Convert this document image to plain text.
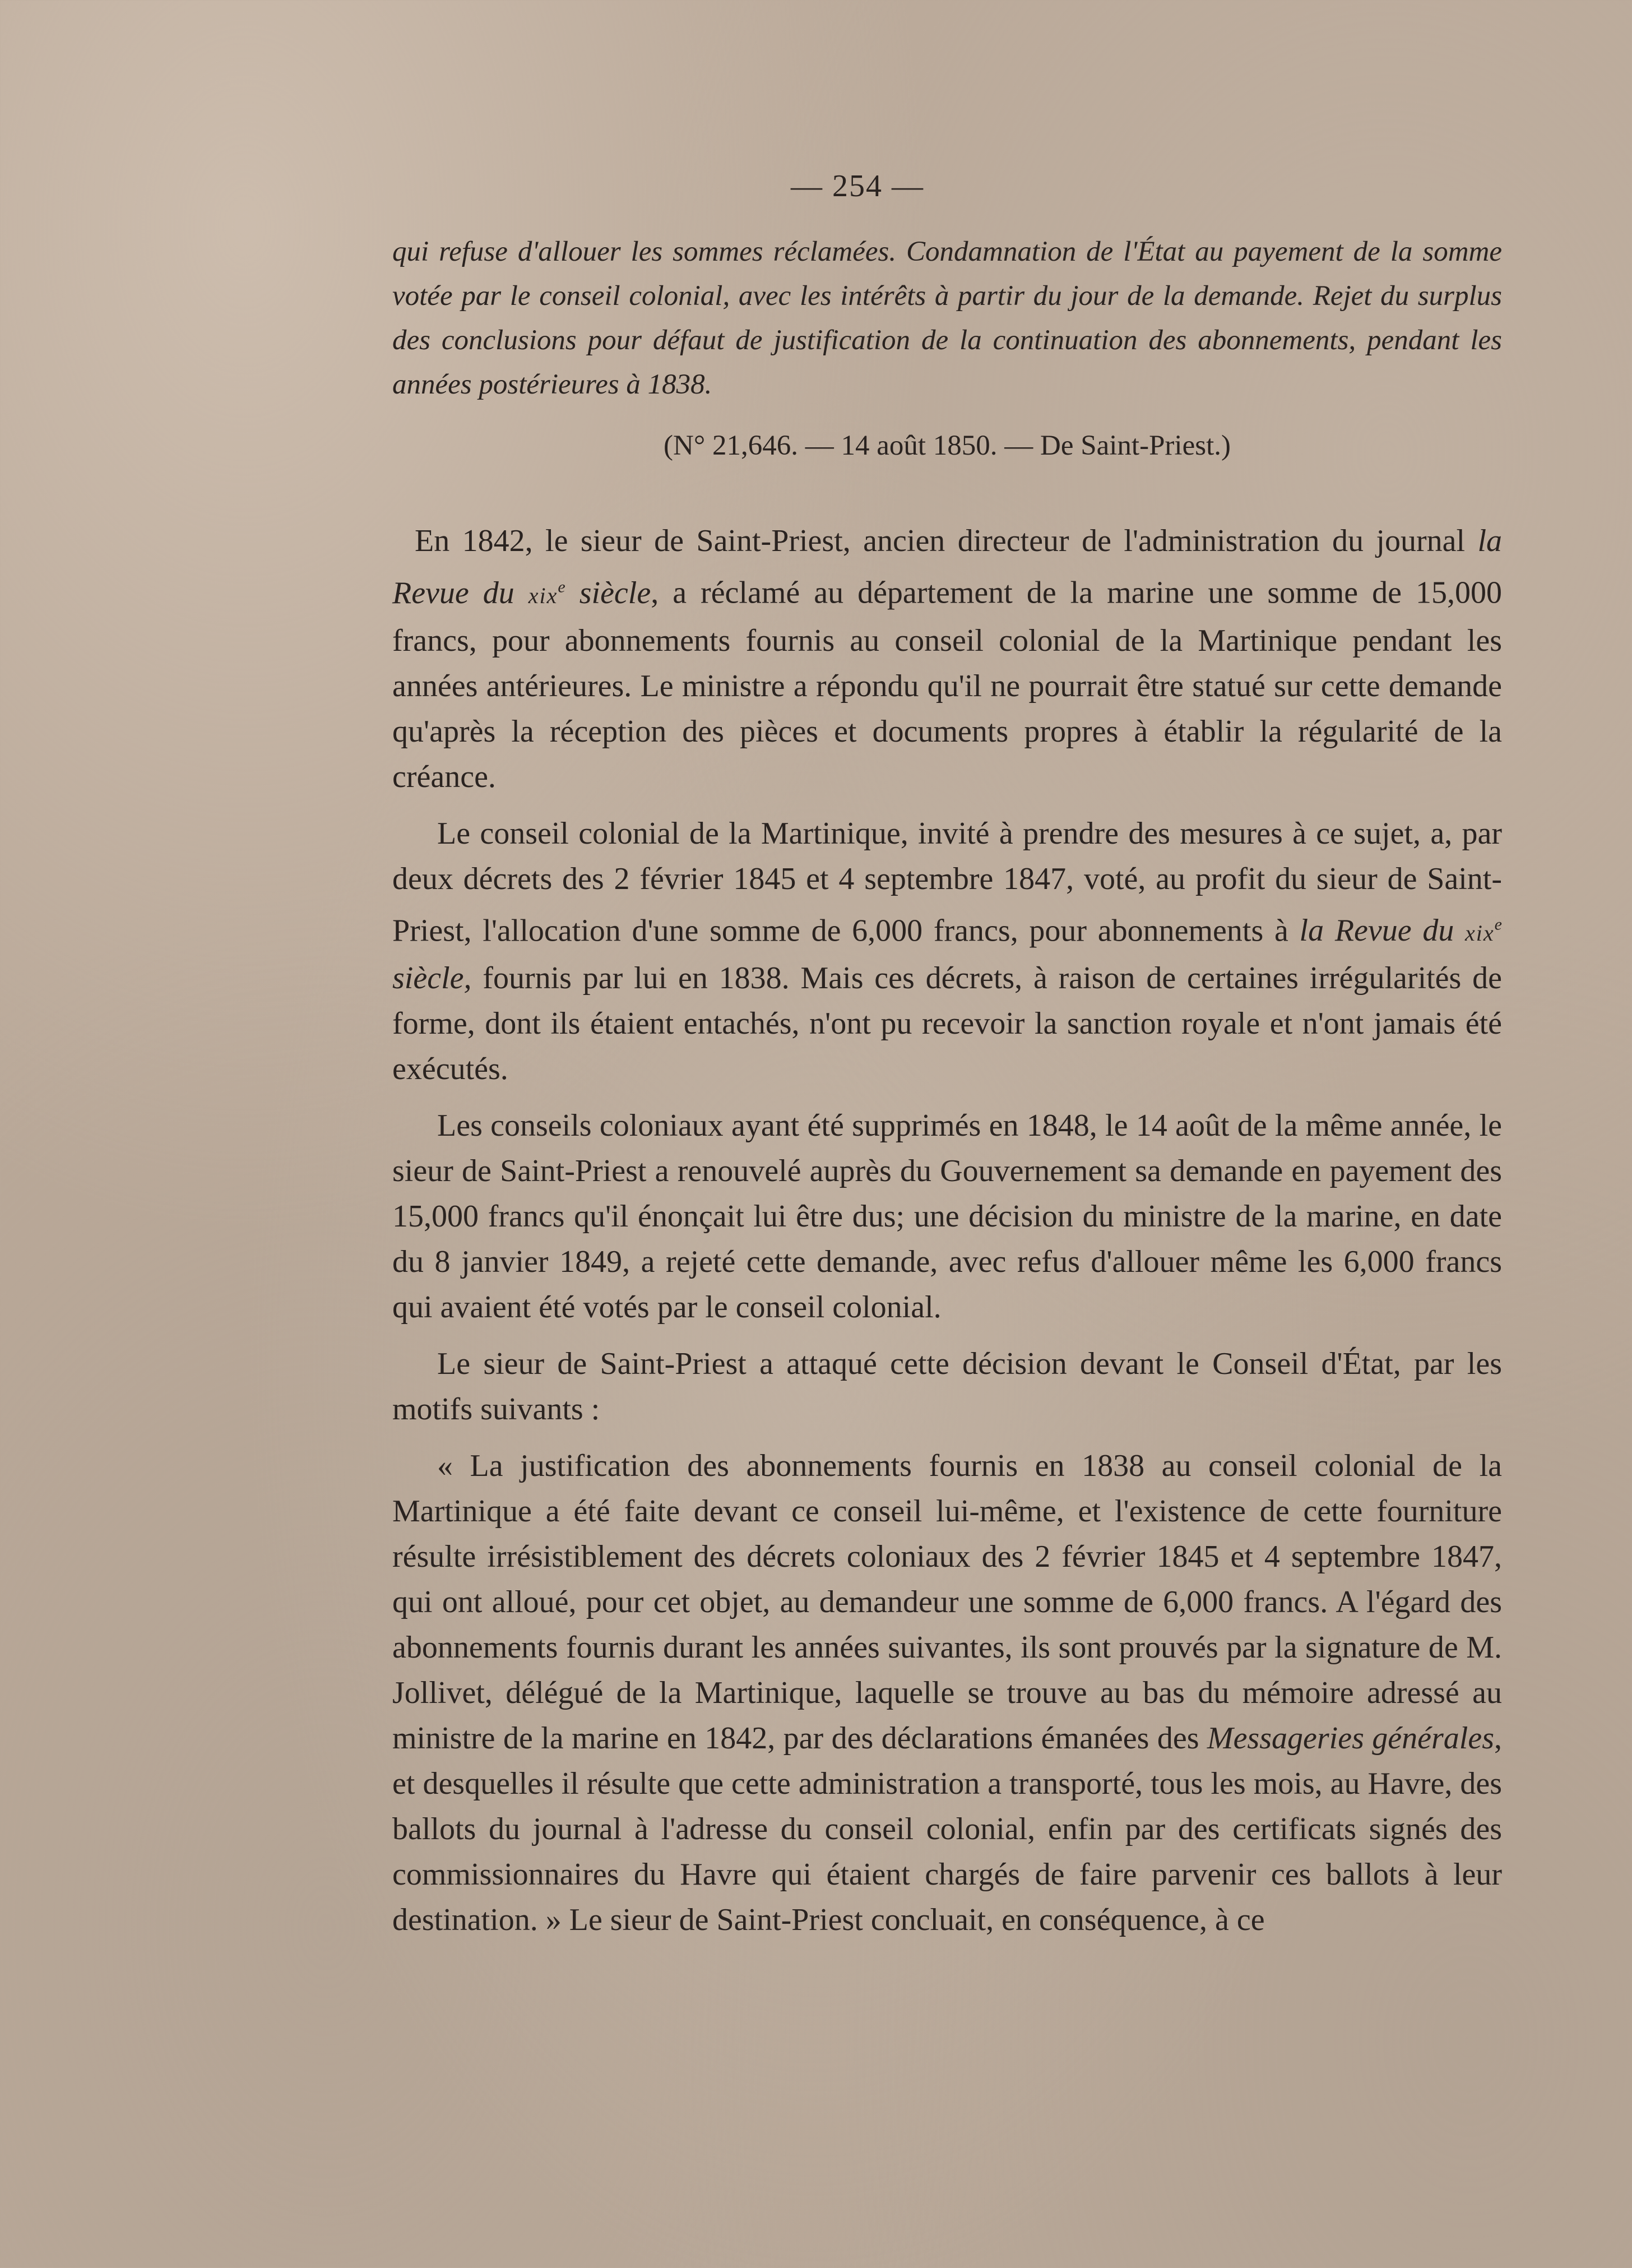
— 254 —

qui refuse d'allouer les sommes réclamées. Condamnation de l'État au payement de la somme votée par le conseil colonial, avec les intérêts à partir du jour de la demande. Rejet du surplus des conclusions pour défaut de justification de la continuation des abonnements, pendant les années postérieures à 1838.

(N° 21,646. — 14 août 1850. — De Saint-Priest.)

En 1842, le sieur de Saint-Priest, ancien directeur de l'administration du journal la Revue du xix$^e$ siècle, a réclamé au département de la marine une somme de 15,000 francs, pour abonnements fournis au conseil colonial de la Martinique pendant les années antérieures. Le ministre a répondu qu'il ne pourrait être statué sur cette demande qu'après la réception des pièces et documents propres à établir la régularité de la créance.

Le conseil colonial de la Martinique, invité à prendre des mesures à ce sujet, a, par deux décrets des 2 février 1845 et 4 septembre 1847, voté, au profit du sieur de Saint-Priest, l'allocation d'une somme de 6,000 francs, pour abonnements à la Revue du xix$^e$ siècle, fournis par lui en 1838. Mais ces décrets, à raison de certaines irrégularités de forme, dont ils étaient entachés, n'ont pu recevoir la sanction royale et n'ont jamais été exécutés.

Les conseils coloniaux ayant été supprimés en 1848, le 14 août de la même année, le sieur de Saint-Priest a renouvelé auprès du Gouvernement sa demande en payement des 15,000 francs qu'il énonçait lui être dus; une décision du ministre de la marine, en date du 8 janvier 1849, a rejeté cette demande, avec refus d'allouer même les 6,000 francs qui avaient été votés par le conseil colonial.

Le sieur de Saint-Priest a attaqué cette décision devant le Conseil d'État, par les motifs suivants :

« La justification des abonnements fournis en 1838 au conseil colonial de la Martinique a été faite devant ce conseil lui-même, et l'existence de cette fourniture résulte irrésistiblement des décrets coloniaux des 2 février 1845 et 4 septembre 1847, qui ont alloué, pour cet objet, au demandeur une somme de 6,000 francs. A l'égard des abonnements fournis durant les années suivantes, ils sont prouvés par la signature de M. Jollivet, délégué de la Martinique, laquelle se trouve au bas du mémoire adressé au ministre de la marine en 1842, par des déclarations émanées des Messageries générales, et desquelles il résulte que cette administration a transporté, tous les mois, au Havre, des ballots du journal à l'adresse du conseil colonial, enfin par des certificats signés des commissionnaires du Havre qui étaient chargés de faire parvenir ces ballots à leur destination. » Le sieur de Saint-Priest concluait, en conséquence, à ce
